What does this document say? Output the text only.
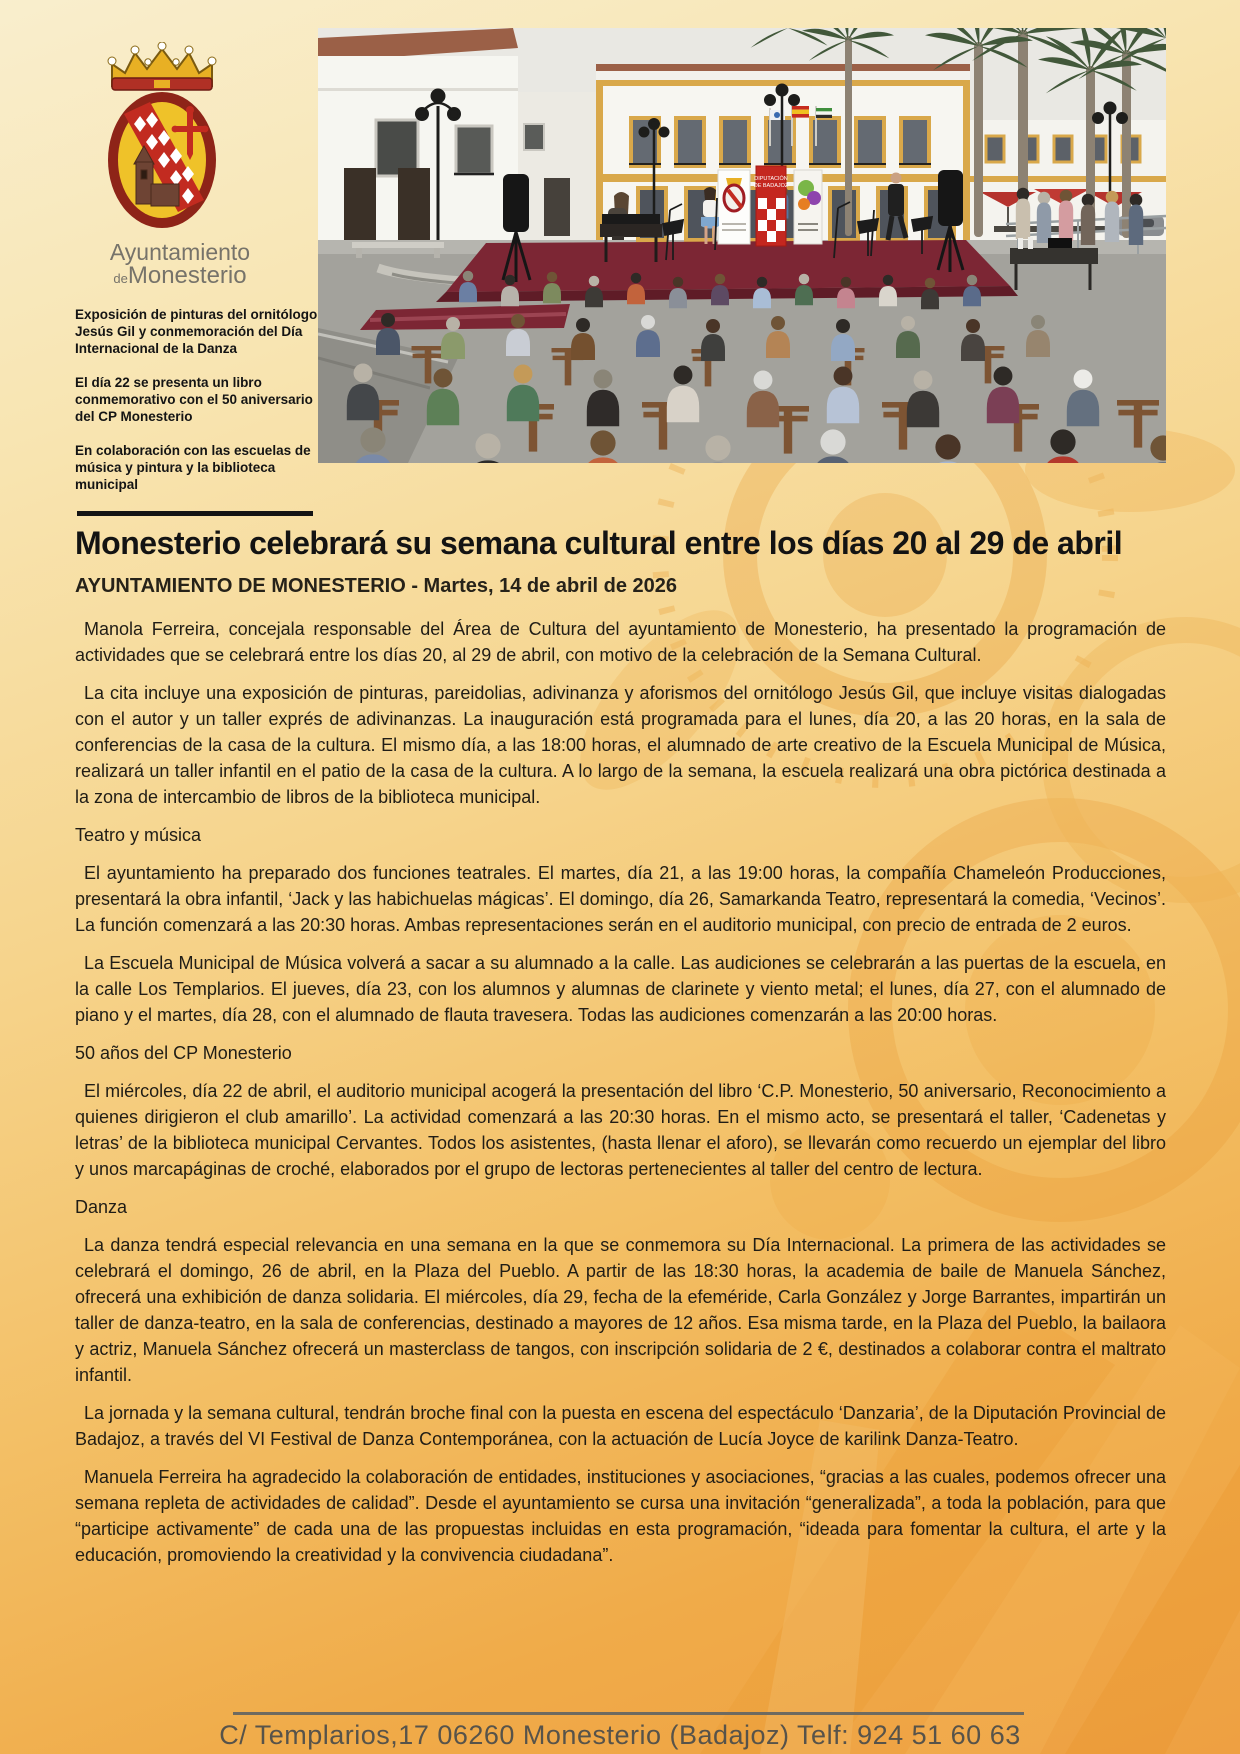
Ayuntamiento
deMonesterio
Exposición de pinturas del ornitólogo Jesús Gil y conmemoración del Día Internacional de la Danza
El día 22 se presenta un libro conmemorativo con el 50 aniversario del CP Monesterio
En colaboración con las escuelas de música y pintura y la biblioteca municipal
DIPUTACIÓN
DE BADAJOZ
Monesterio celebrará su semana cultural entre los días 20 al 29 de abril
AYUNTAMIENTO DE MONESTERIO - Martes, 14 de abril de 2026

Manola Ferreira, concejala responsable del Área de Cultura del ayuntamiento de Monesterio, ha presentado la programación de actividades que se celebrará entre los días 20, al 29 de abril, con motivo de la celebración de la Semana Cultural.

La cita incluye una exposición de pinturas, pareidolias, adivinanza y aforismos del ornitólogo Jesús Gil, que incluye visitas dialogadas con el autor y un taller exprés de adivinanzas. La inauguración está programada para el lunes, día 20, a las 20 horas, en la sala de conferencias de la casa de la cultura. El mismo día, a las 18:00 horas, el alumnado de arte creativo de la Escuela Municipal de Música, realizará un taller infantil en el patio de la casa de la cultura. A lo largo de la semana, la escuela realizará una obra pictórica destinada a la zona de intercambio de libros de la biblioteca municipal.

Teatro y música

El ayuntamiento ha preparado dos funciones teatrales. El martes, día 21, a las 19:00 horas, la compañía Chameleón Producciones, presentará la obra infantil, ‘Jack y las habichuelas mágicas’. El domingo, día 26, Samarkanda Teatro, representará la comedia, ‘Vecinos’. La función comenzará a las 20:30 horas. Ambas representaciones serán en el auditorio municipal, con precio de entrada de 2 euros.

La Escuela Municipal de Música volverá a sacar a su alumnado a la calle. Las audiciones se celebrarán a las puertas de la escuela, en la calle Los Templarios. El jueves, día 23, con los alumnos y alumnas de clarinete y viento metal; el lunes, día 27, con el alumnado de piano y el martes, día 28, con el alumnado de flauta travesera. Todas las audiciones comenzarán a las 20:00 horas.

50 años del CP Monesterio

El miércoles, día 22 de abril, el auditorio municipal acogerá la presentación del libro ‘C.P. Monesterio, 50 aniversario, Reconocimiento a quienes dirigieron el club amarillo’. La actividad comenzará a las 20:30 horas. En el mismo acto, se presentará el taller, ‘Cadenetas y letras’ de la biblioteca municipal Cervantes. Todos los asistentes, (hasta llenar el aforo), se llevarán como recuerdo un ejemplar del libro y unos marcapáginas de croché, elaborados por el grupo de lectoras pertenecientes al taller del centro de lectura.

Danza

La danza tendrá especial relevancia en una semana en la que se conmemora su Día Internacional. La primera de las actividades se celebrará el domingo, 26 de abril, en la Plaza del Pueblo. A partir de las 18:30 horas, la academia de baile de Manuela Sánchez, ofrecerá una exhibición de danza solidaria. El miércoles, día 29, fecha de la efeméride, Carla González y Jorge Barrantes, impartirán un taller de danza-teatro, en la sala de conferencias, destinado a mayores de 12 años. Esa misma tarde, en la Plaza del Pueblo, la bailaora y actriz, Manuela Sánchez ofrecerá un masterclass de tangos, con inscripción solidaria de 2 €, destinados a colaborar contra el maltrato infantil.

La jornada y la semana cultural, tendrán broche final con la puesta en escena del espectáculo ‘Danzaria’, de la Diputación Provincial de Badajoz, a través del VI Festival de Danza Contemporánea, con la actuación de Lucía Joyce de karilink Danza-Teatro.

Manuela Ferreira ha agradecido la colaboración de entidades, instituciones y asociaciones, “gracias a las cuales, podemos ofrecer una semana repleta de actividades de calidad”. Desde el ayuntamiento se cursa una invitación “generalizada”, a toda la población, para que “participe activamente” de cada una de las propuestas incluidas en esta programación, “ideada para fomentar la cultura, el arte y la educación, promoviendo la creatividad y la convivencia ciudadana”.

C/ Templarios,17 06260 Monesterio (Badajoz) Telf: 924 51 60 63
